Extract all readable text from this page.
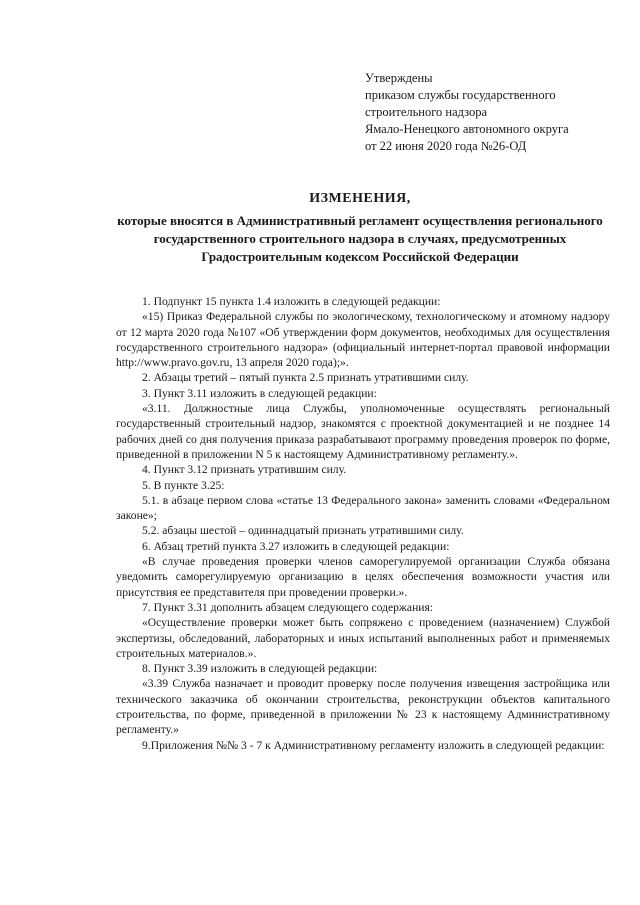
Утверждены
приказом службы государственного
строительного надзора
Ямало-Ненецкого автономного округа
от 22 июня 2020 года №26-ОД
ИЗМЕНЕНИЯ,
которые вносятся в Административный регламент осуществления регионального государственного строительного надзора в случаях, предусмотренных Градостроительным кодексом Российской Федерации

1. Подпункт 15 пункта 1.4 изложить в следующей редакции:

«15) Приказ Федеральной службы по экологическому, технологическому и атомному надзору от 12 марта 2020 года №107 «Об утверждении форм документов, необходимых для осуществления государственного строительного надзора» (официальный интернет-портал правовой информации http://www.pravo.gov.ru, 13 апреля 2020 года);».

2. Абзацы третий – пятый пункта 2.5 признать утратившими силу.

3. Пункт 3.11 изложить в следующей редакции:

«3.11. Должностные лица Службы, уполномоченные осуществлять региональный государственный строительный надзор, знакомятся с проектной документацией и не позднее 14 рабочих дней со дня получения приказа разрабатывают программу проведения проверок по форме, приведенной в приложении N 5 к настоящему Административному регламенту.».

4. Пункт 3.12 признать утратившим силу.

5. В пункте 3.25:

5.1. в абзаце первом слова «статье 13 Федерального закона» заменить словами «Федеральном законе»;

5.2. абзацы шестой – одиннадцатый признать утратившими силу.

6. Абзац третий пункта 3.27 изложить в следующей редакции:

«В случае проведения проверки членов саморегулируемой организации Служба обязана уведомить саморегулируемую организацию в целях обеспечения возможности участия или присутствия ее представителя при проведении проверки.».

7. Пункт 3.31 дополнить абзацем следующего содержания:

«Осуществление проверки может быть сопряжено с проведением (назначением) Службой экспертизы, обследований, лабораторных и иных испытаний выполненных работ и применяемых строительных материалов.».

8. Пункт 3.39 изложить в следующей редакции:

«3.39 Служба назначает и проводит проверку после получения извещения застройщика или технического заказчика об окончании строительства, реконструкции объектов капитального строительства, по форме, приведенной в приложении № 23 к настоящему Административному регламенту.»

9.Приложения №№ 3 - 7 к Административному регламенту изложить в следующей редакции:
